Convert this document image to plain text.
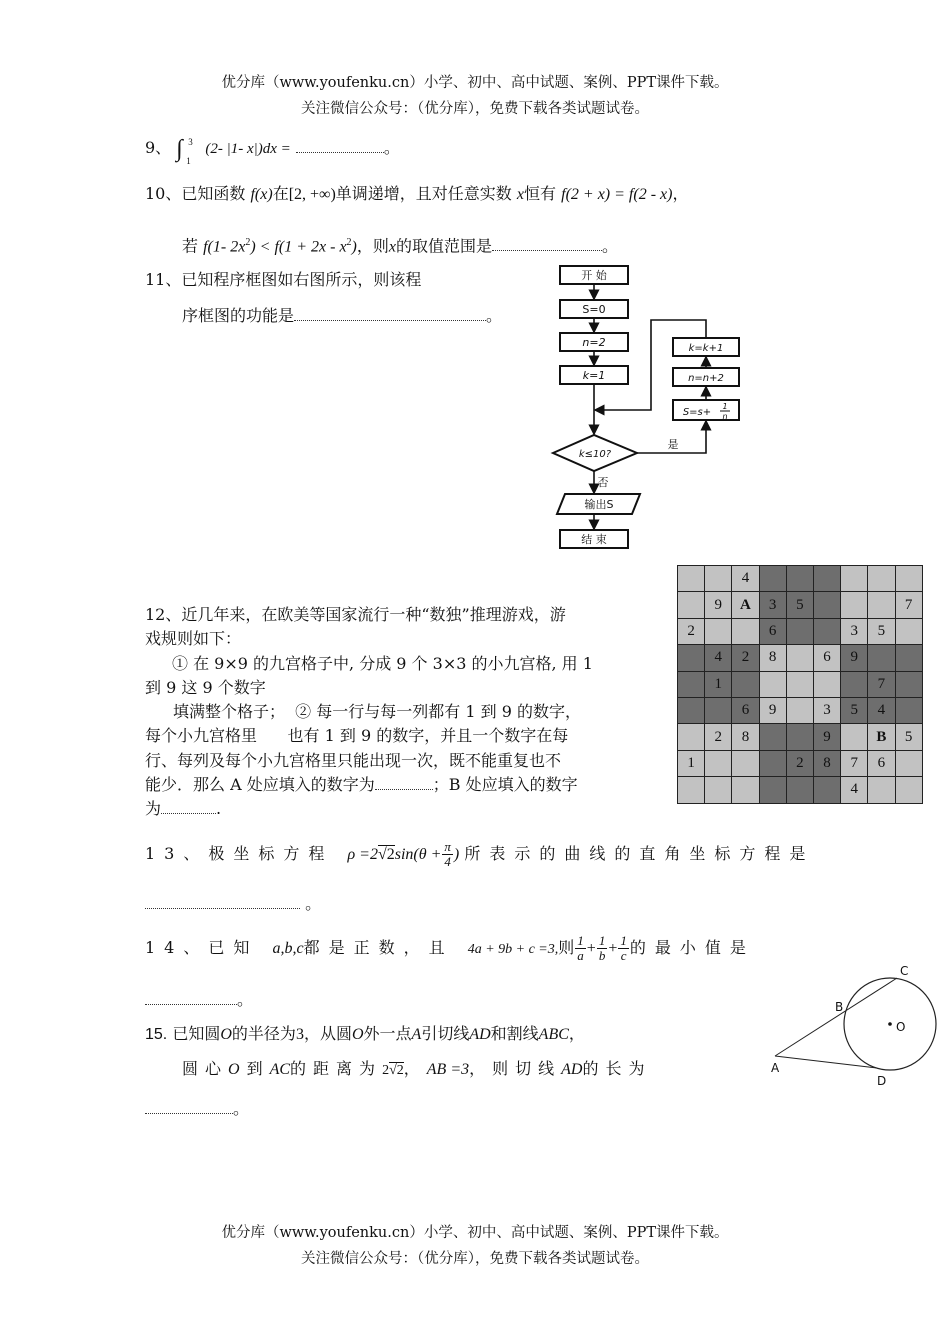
优分库（www.youfenku.cn）小学、初中、高中试题、案例、PPT课件下载。
关注微信公众号：（优分库），免费下载各类试题试卷。
9、 ∫ 3
1
(2- |1- x|)dx =	。
10、已知函数 f(x)在[2, +∞)单调递增，且对任意实数 x恒有 f(2 + x) = f(2 - x)，
若 f(1- $2x^2) < f(1 + 2x - x^2)$，则x的取值范围是	。
11、已知程序框图如右图所示，则该程
序框图的功能是	。
开 始
S=0
n=2
k=1
k≤10?
是
否
输出S
结 束
k=k+1
n=n+2
S=s+
1
n
		4						
	9	A	3	5				7
2			6			3	5	
	4	2	8		6	9		
	1						7	
		6	9		3	5	4	
	2	8			9		B	5
1				2	8	7	6	
						4		
12、近几年来，在欧美等国家流行一种“数独”推理游戏，游
戏规则如下：
① 在 9×9 的九宫格子中, 分成 9 个 3×3 的小九宫格, 用 1
到 9 这 9 个数字
填满整个格子；  ② 每一行与每一列都有 1 到 9 的数字，
每个小九宫格里      也有 1 到 9 的数字，并且一个数字在每
行、每列及每个小九宫格里只能出现一次，既不能重复也不
能少．那么 A 处应填入的数字为	；B 处应填入的数字
为	.
13、极坐标方程 $\rho =2√2\sin(\theta + \frac{\pi}{4}$ ) 所表示的曲线的直角坐标方程是
。
14、已知 a,b,c都是正数，且 4a + 9b + c =3,则 $\frac{1}{a} + \frac{1}{b} + \frac{1}{c}$ 的最小值是
。
15. 已知圆O的半径为3，从圆O外一点A引切线AD和割线ABC，
圆心O到AC的距离为2√2，AB =3，则切线AD的长为
。
C
B
O
A
D
优分库（www.youfenku.cn）小学、初中、高中试题、案例、PPT课件下载。
关注微信公众号：（优分库），免费下载各类试题试卷。
